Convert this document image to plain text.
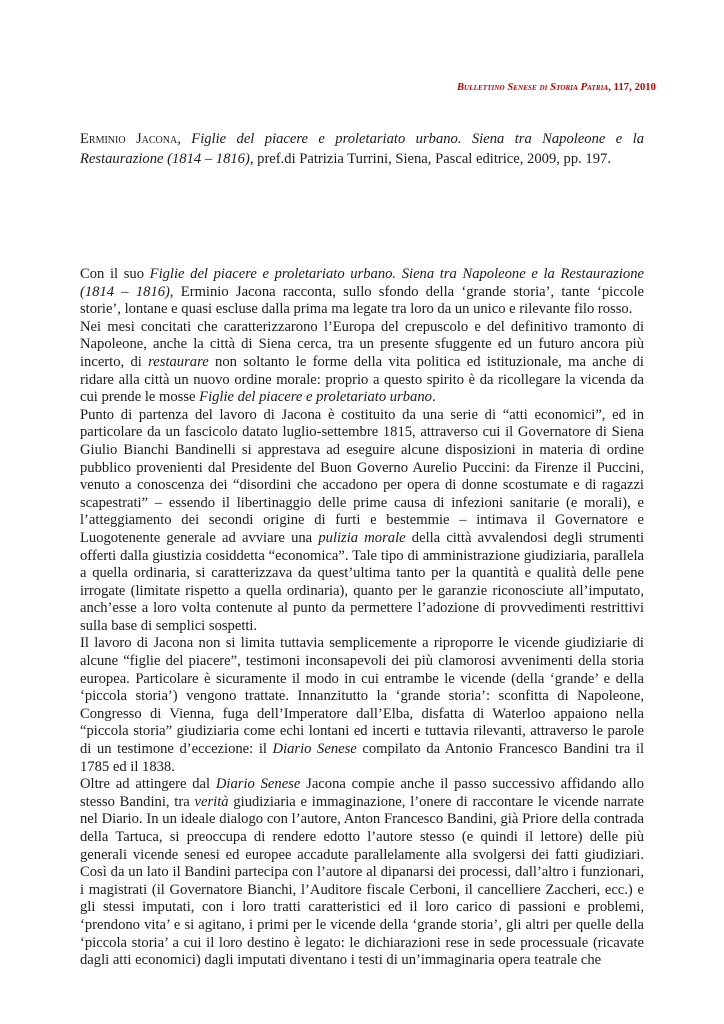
Bullettino Senese di Storia Patria, 117, 2010
Erminio Jacona, Figlie del piacere e proletariato urbano. Siena tra Napoleone e la Restaurazione (1814 – 1816), pref.di Patrizia Turrini, Siena, Pascal editrice, 2009, pp. 197.

Con il suo Figlie del piacere e proletariato urbano. Siena tra Napoleone e la Restaurazione (1814 – 1816), Erminio Jacona racconta, sullo sfondo della ‘grande storia’, tante ‘piccole storie’, lontane e quasi escluse dalla prima ma legate tra loro da un unico e rilevante filo rosso.

Nei mesi concitati che caratterizzarono l’Europa del crepuscolo e del definitivo tramonto di Napoleone, anche la città di Siena cerca, tra un presente sfuggente ed un futuro ancora più incerto, di restaurare non soltanto le forme della vita politica ed istituzionale, ma anche di ridare alla città un nuovo ordine morale: proprio a questo spirito è da ricollegare la vicenda da cui prende le mosse Figlie del piacere e proletariato urbano.

Punto di partenza del lavoro di Jacona è costituito da una serie di “atti economici”, ed in particolare da un fascicolo datato luglio-settembre 1815, attraverso cui il Governatore di Siena Giulio Bianchi Bandinelli si apprestava ad eseguire alcune disposizioni in materia di ordine pubblico provenienti dal Presidente del Buon Governo Aurelio Puccini: da Firenze il Puccini, venuto a conoscenza dei “disordini che accadono per opera di donne scostumate e di ragazzi scapestrati” – essendo il libertinaggio delle prime causa di infezioni sanitarie (e morali), e l’atteggiamento dei secondi origine di furti e bestemmie – intimava il Governatore e Luogotenente generale ad avviare una pulizia morale della città avvalendosi degli strumenti offerti dalla giustizia cosiddetta “economica”. Tale tipo di amministrazione giudiziaria, parallela a quella ordinaria, si caratterizzava da quest’ultima tanto per la quantità e qualità delle pene irrogate (limitate rispetto a quella ordinaria), quanto per le garanzie riconosciute all’imputato, anch’esse a loro volta contenute al punto da permettere l’adozione di provvedimenti restrittivi sulla base di semplici sospetti.

Il lavoro di Jacona non si limita tuttavia semplicemente a riproporre le vicende giudiziarie di alcune “figlie del piacere”, testimoni inconsapevoli dei più clamorosi avvenimenti della storia europea. Particolare è sicuramente il modo in cui entrambe le vicende (della ‘grande’ e della ‘piccola storia’) vengono trattate. Innanzitutto la ‘grande storia’: sconfitta di Napoleone, Congresso di Vienna, fuga dell’Imperatore dall’Elba, disfatta di Waterloo appaiono nella “piccola storia” giudiziaria come echi lontani ed incerti e tuttavia rilevanti, attraverso le parole di un testimone d’eccezione: il Diario Senese compilato da Antonio Francesco Bandini tra il 1785 ed il 1838.

Oltre ad attingere dal Diario Senese Jacona compie anche il passo successivo affidando allo stesso Bandini, tra verità giudiziaria e immaginazione, l’onere di raccontare le vicende narrate nel Diario. In un ideale dialogo con l’autore, Anton Francesco Bandini, già Priore della contrada della Tartuca, si preoccupa di rendere edotto l’autore stesso (e quindi il lettore) delle più generali vicende senesi ed europee accadute parallelamente alla svolgersi dei fatti giudiziari. Così da un lato il Bandini partecipa con l’autore al dipanarsi dei processi, dall’altro i funzionari, i magistrati (il Governatore Bianchi, l’Auditore fiscale Cerboni, il cancelliere Zaccheri, ecc.) e gli stessi imputati, con i loro tratti caratteristici ed il loro carico di passioni e problemi, ‘prendono vita’ e si agitano, i primi per le vicende della ‘grande storia’, gli altri per quelle della ‘piccola storia’ a cui il loro destino è legato: le dichiarazioni rese in sede processuale (ricavate dagli atti economici) dagli imputati diventano i testi di un’immaginaria opera teatrale che
